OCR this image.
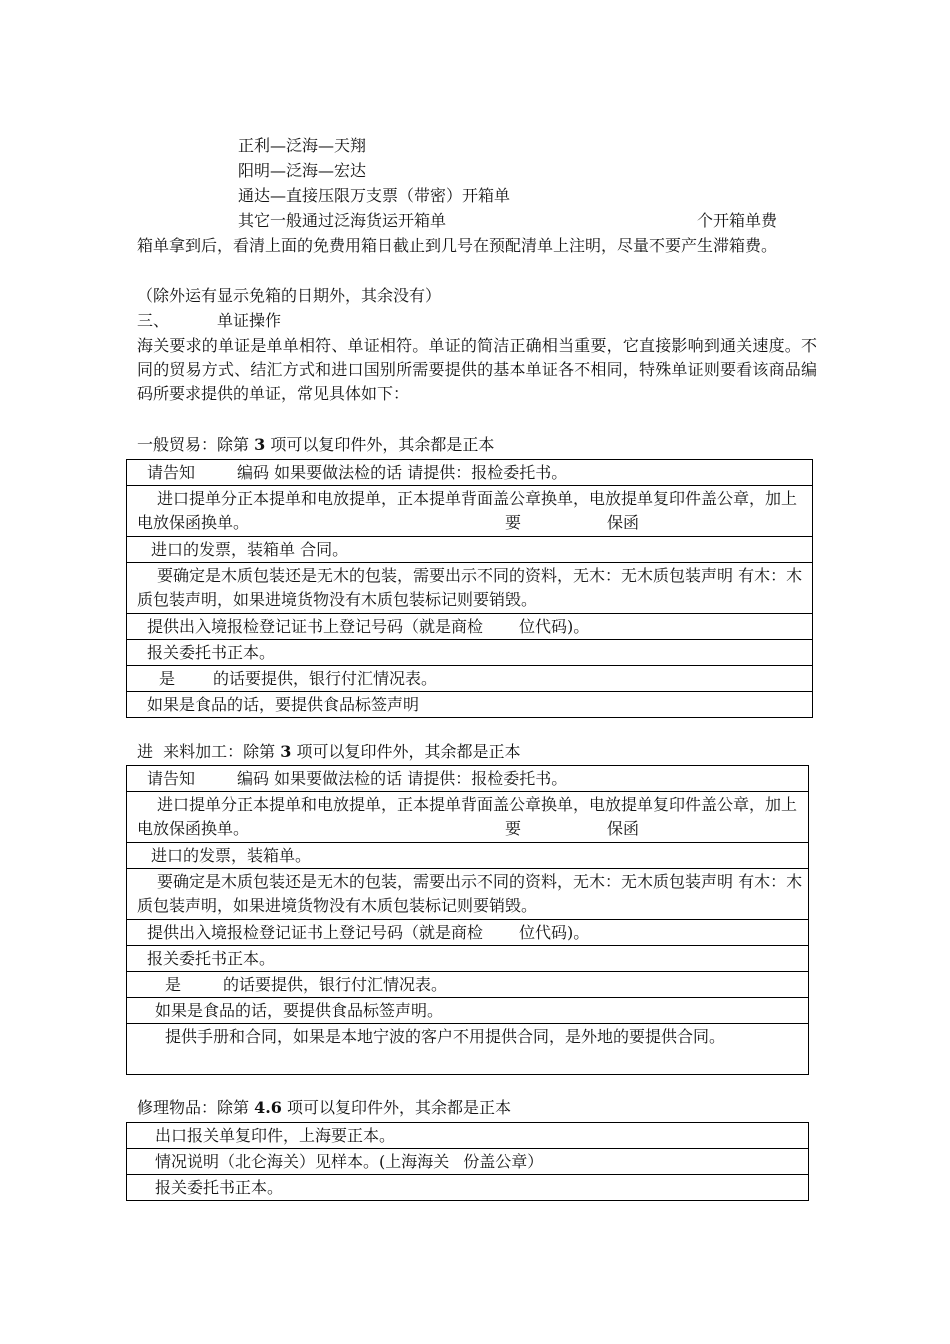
正利—泛海—天翔
阳明—泛海—宏达
通达—直接压限万支票（带密）开箱单
其它一般通过泛海货运开箱单	个开箱单费
箱单拿到后，看清上面的免费用箱日截止到几号在预配清单上注明，尽量不要产生滞箱费。
（除外运有显示免箱的日期外，其余没有）
三、	单证操作
海关要求的单证是单单相符、单证相符。单证的简洁正确相当重要，它直接影响到通关速度。不同的贸易方式、结汇方式和进口国别所需要提供的基本单证各不相同，特殊单证则要看该商品编码所要求提供的单证，常见具体如下：
一般贸易：除第 3 项可以复印件外，其余都是正本
请告知	编码 如果要做法检的话 请提供：报检委托书。
进口提单分正本提单和电放提单，正本提单背面盖公章换单，电放提单复印件盖公章，加上电放保函换单。	要	保函
进口的发票，装箱单 合同。
要确定是木质包装还是无木的包装，需要出示不同的资料，无木：无木质包装声明 有木：木质包装声明，如果进境货物没有木质包装标记则要销毁。
提供出入境报检登记证书上登记号码（就是商检 位代码)。
报关委托书正本。
是 的话要提供，银行付汇情况表。
如果是食品的话，要提供食品标签声明
进  来料加工：除第 3 项可以复印件外，其余都是正本
请告知	编码 如果要做法检的话 请提供：报检委托书。
进口提单分正本提单和电放提单，正本提单背面盖公章换单，电放提单复印件盖公章，加上电放保函换单。	要	保函
进口的发票，装箱单。
要确定是木质包装还是无木的包装，需要出示不同的资料，无木：无木质包装声明 有木：木质包装声明，如果进境货物没有木质包装标记则要销毁。
提供出入境报检登记证书上登记号码（就是商检 位代码)。
报关委托书正本。
是	的话要提供，银行付汇情况表。
如果是食品的话，要提供食品标签声明。
提供手册和合同，如果是本地宁波的客户不用提供合同，是外地的要提供合同。
修理物品：除第 4.6 项可以复印件外，其余都是正本
出口报关单复印件，上海要正本。
情况说明（北仑海关）见样本。(上海海关 份盖公章）
报关委托书正本。
